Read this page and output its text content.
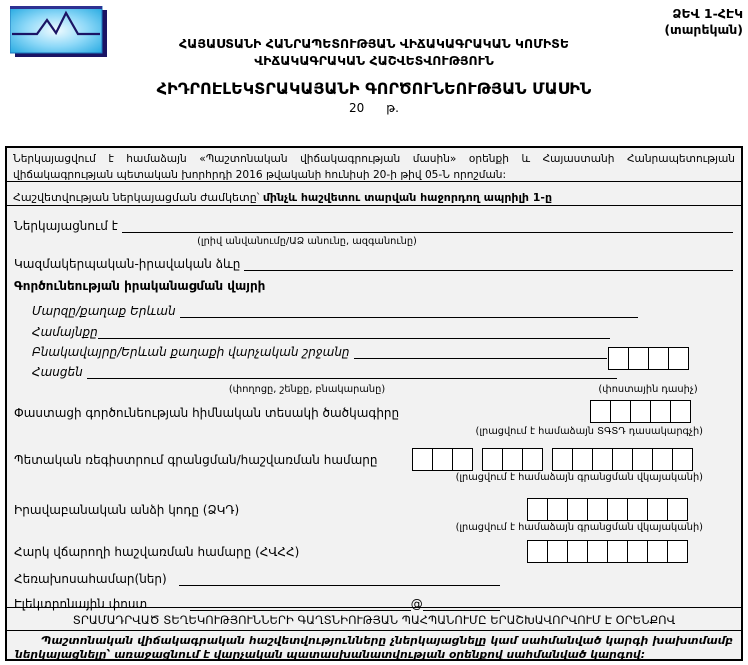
ՁԵՎ 1-ՀԷԿ
(տարեկան)
ՀԱՅԱՍՏԱՆԻ ՀԱՆՐԱՊԵՏՈՒԹՅԱՆ ՎԻՃԱԿԱԳՐԱԿԱՆ ԿՈՄԻՏԵ
ՎԻՃԱԿԱԳՐԱԿԱՆ ՀԱՇՎԵՏՎՈՒԹՅՈՒՆ
ՀԻԴՐՈԷԼԵԿՏՐԱԿԱՅԱՆԻ ԳՈՐԾՈՒՆԵՈՒԹՅԱՆ ՄԱՍԻՆ
20 թ.
Ներկայացվում է համաձայն «Պաշտոնական վիճակագրության մասին» օրենքի և Հայաստանի Հանրապետության վիճակագրության պետական խորհրդի 2016 թվականի հունիսի 20-ի թիվ 05-Ն որոշման:
Հաշվետվության ներկայացման ժամկետը՝ մինչև հաշվետու տարվան հաջորդող ապրիլի 1-ը
Ներկայացնում է
(լրիվ անվանումը/ԱՁ անունը, ազգանունը)
Կազմակերպական-իրավական ձևը
Գործունեության իրականացման վայրի
Մարզը/քաղաք Երևան
Համայնքը
Բնակավայրը/Երևան քաղաքի վարչական շրջանը
Հասցեն
(փողոցը, շենքը, բնակարանը)	(փոստային դասիչ)
Փաստացի գործունեության հիմնական տեսակի ծածկագիրը
(լրացվում է համաձայն ՏԳՏԴ դասակարգչի)
Պետական ռեգիստրում գրանցման/հաշվառման համարը
(լրացվում է համաձայն գրանցման վկայականի)
Իրավաբանական անձի կոդը (ՁԿԴ)
(լրացվում է համաձայն գրանցման վկայականի)
Հարկ վճարողի հաշվառման համարը (ՀՎՀՀ)
Հեռախոսահամար(ներ)
Էլեկտրոնային փոստ	@
ՏՐԱՄԱԴՐՎԱԾ ՏԵՂԵԿՈՒԹՅՈՒՆՆԵՐԻ ԳԱՂՏՆԻՈՒԹՅԱՆ ՊԱՀՊԱՆՈՒՄԸ ԵՐԱՇԽԱՎՈՐՎՈՒՄ Է ՕՐԵՆՔՈՎ
Պաշտոնական վիճակագրական հաշվետվությունները չներկայացնելը կամ սահմանված կարգի խախտմամբ ներկայացնելը՝ առաջացնում է վարչական պատասխանատվության օրենքով սահմանված կարգով:
